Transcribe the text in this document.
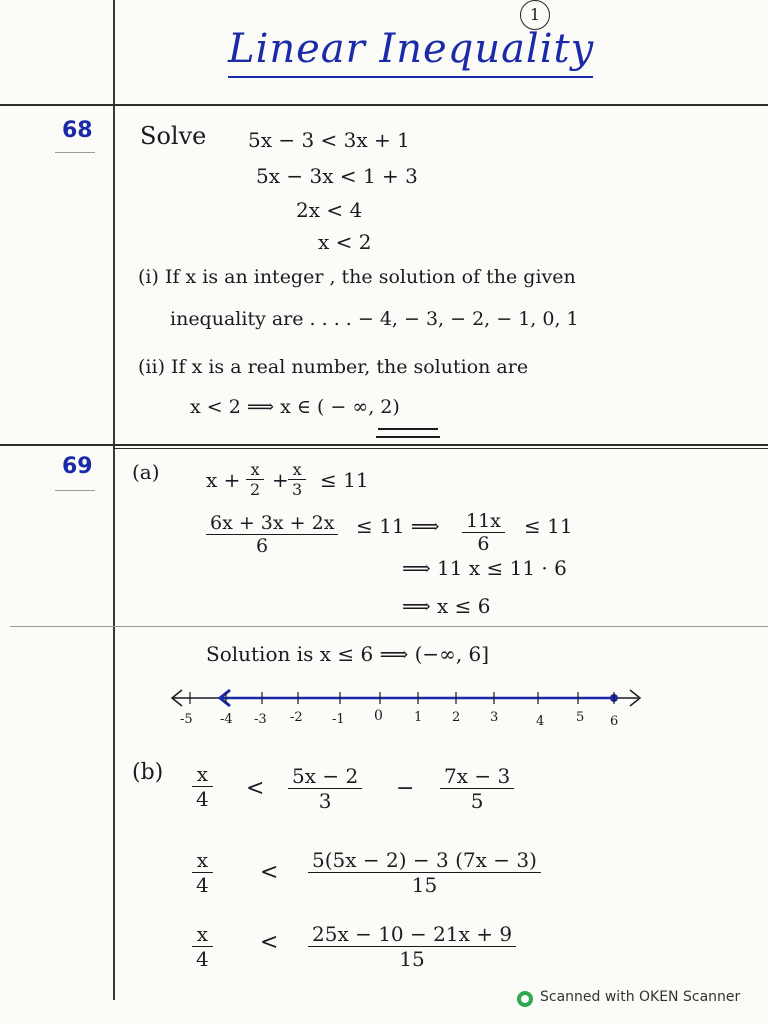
1
Linear Inequality
68 Solve 5x − 3 < 3x + 1
5x − 3x < 1 + 3
2x < 4
x < 2
(i) If x is an integer , the solution of the given
inequality are . . . . − 4, − 3, − 2, − 1, 0, 1
(ii) If x is a real number, the solution are
x < 2 ⟹ x ∈ ( − ∞, 2)
69 (a) $x + \frac{x}{2} + \frac{x}{3} \le 11$
$\frac{6x + 3x + 2x}{6} \le 11$ ⟹ $\frac{11x}{6} \le 11$
⟹ 11 x ≤ 11 · 6
⟹ x ≤ 6
Solution is x ≤ 6 ⟹ (−∞, 6]
-5 -4 -3 -2 -1 0 1 2 3	4 5 6
$(b) \frac{x}{4} < \frac{5x - 2}{3} - \frac{7x - 3}{5}$
$\frac{x}{4} < \frac{5(5x - 2) - 3 (7x - 3)}{15}$
$\frac{x}{4} < \frac{25x - 10 - 21x + 9}{15}$
Scanned with OKEN Scanner
